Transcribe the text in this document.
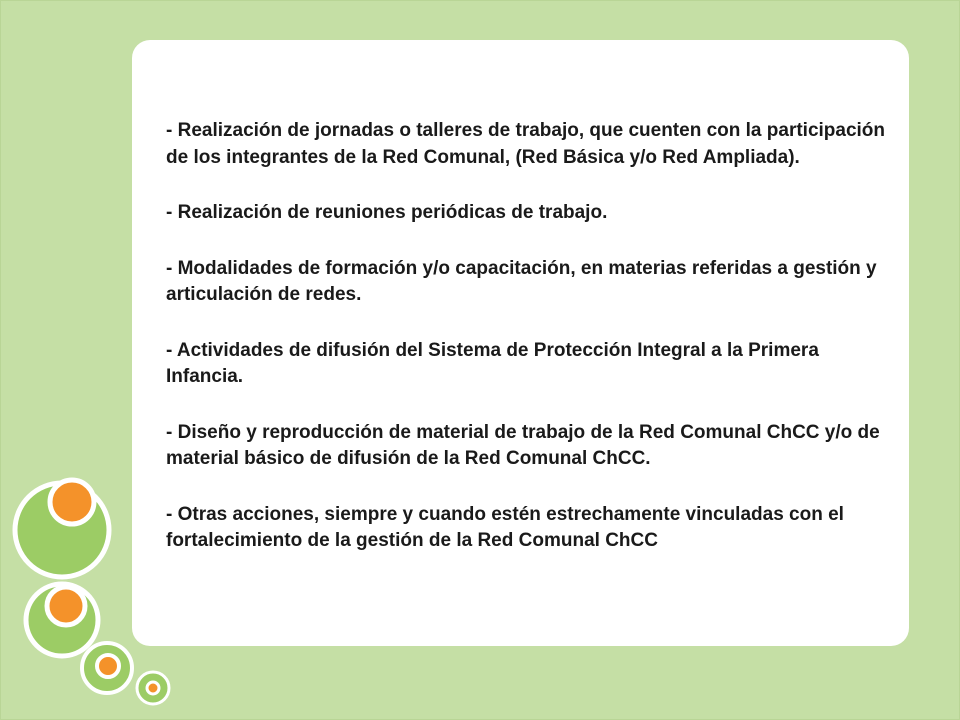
- Realización de jornadas o talleres de trabajo, que cuenten con la participación de los integrantes de la Red Comunal, (Red Básica y/o Red Ampliada).
- Realización de reuniones periódicas de trabajo.
- Modalidades de formación y/o capacitación, en materias referidas a gestión y articulación de redes.
- Actividades de difusión del Sistema de Protección Integral a la Primera Infancia.
- Diseño y reproducción de material de trabajo de la Red Comunal ChCC y/o de material básico de difusión de la Red Comunal ChCC.
- Otras acciones, siempre y cuando estén estrechamente vinculadas con el fortalecimiento de la gestión de la Red Comunal ChCC
